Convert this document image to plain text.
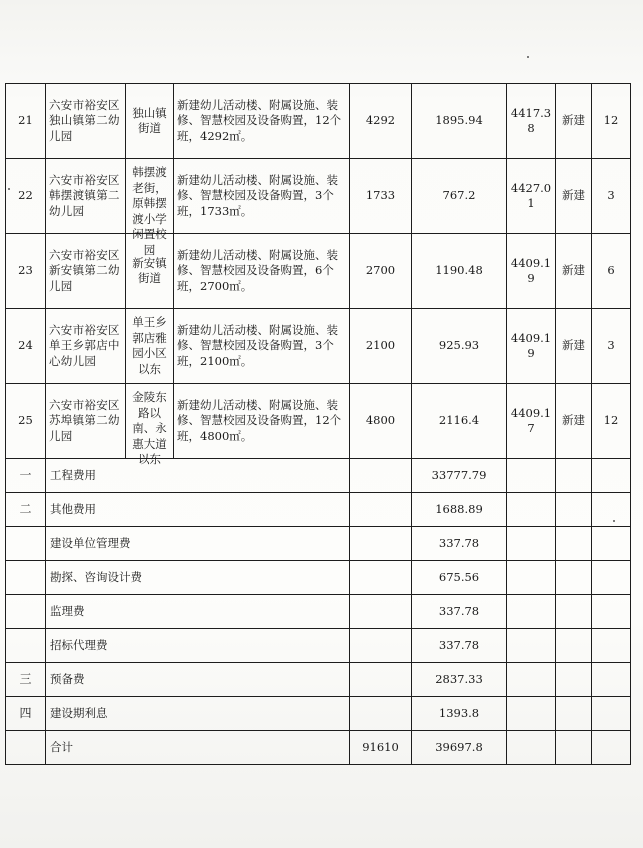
21	六安市裕安区独山镇第二幼儿园	独山镇街道	新建幼儿活动楼、附属设施、装修、智慧校园及设备购置，12个班，4292㎡。	4292	1895.94	4417.38	新建	12
22	六安市裕安区韩摆渡镇第二幼儿园	韩摆渡老街，原韩摆渡小学闲置校园	新建幼儿活动楼、附属设施、装修、智慧校园及设备购置，3个班，1733㎡。	1733	767.2	4427.01	新建	3
23	六安市裕安区新安镇第二幼儿园	新安镇街道	新建幼儿活动楼、附属设施、装修、智慧校园及设备购置，6个班，2700㎡。	2700	1190.48	4409.19	新建	6
24	六安市裕安区单王乡郭店中心幼儿园	单王乡郭店雅园小区以东	新建幼儿活动楼、附属设施、装修、智慧校园及设备购置，3个班，2100㎡。	2100	925.93	4409.19	新建	3
25	六安市裕安区苏埠镇第二幼儿园	金陵东路以南、永惠大道以东	新建幼儿活动楼、附属设施、装修、智慧校园及设备购置，12个班，4800㎡。	4800	2116.4	4409.17	新建	12
一	工程费用				33777.79			
二	其他费用				1688.89			
	建设单位管理费				337.78			
	勘探、咨询设计费				675.56			
	监理费				337.78			
	招标代理费				337.78			
三	预备费				2837.33			
四	建设期利息				1393.8			
	合计			91610	39697.8			
